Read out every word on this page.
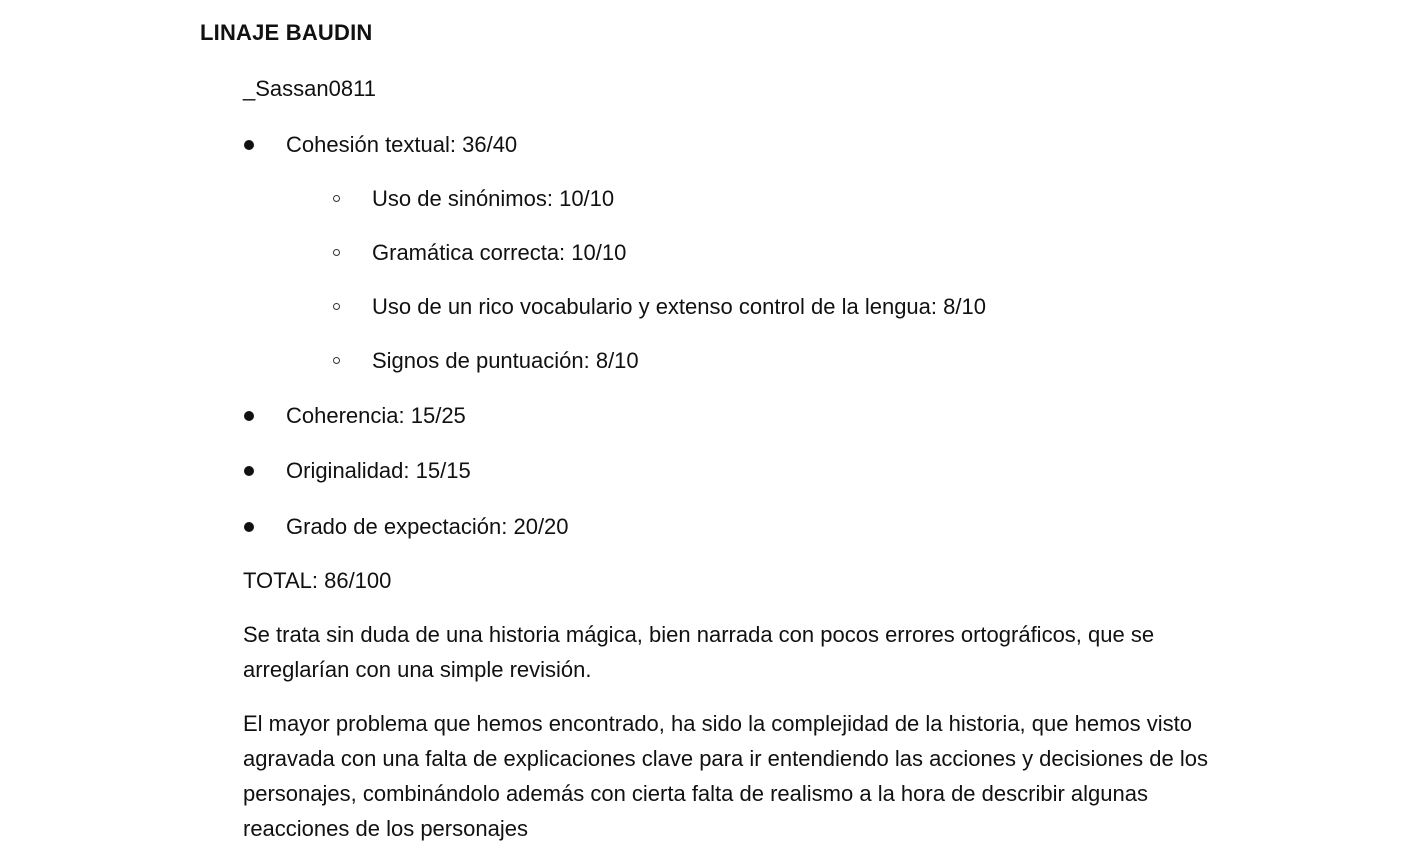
LINAJE BAUDIN
_Sassan0811
Cohesión textual: 36/40
Uso de sinónimos: 10/10
Gramática correcta: 10/10
Uso de un rico vocabulario y extenso control de la lengua: 8/10
Signos de puntuación: 8/10
Coherencia: 15/25
Originalidad: 15/15
Grado de expectación: 20/20
TOTAL: 86/100
Se trata sin duda de una historia mágica, bien narrada con pocos errores ortográficos, que se arreglarían con una simple revisión.
El mayor problema que hemos encontrado, ha sido la complejidad de la historia, que hemos visto agravada con una falta de explicaciones clave para ir entendiendo las acciones y decisiones de los personajes, combinándolo además con cierta falta de realismo a la hora de describir algunas reacciones de los personajes
